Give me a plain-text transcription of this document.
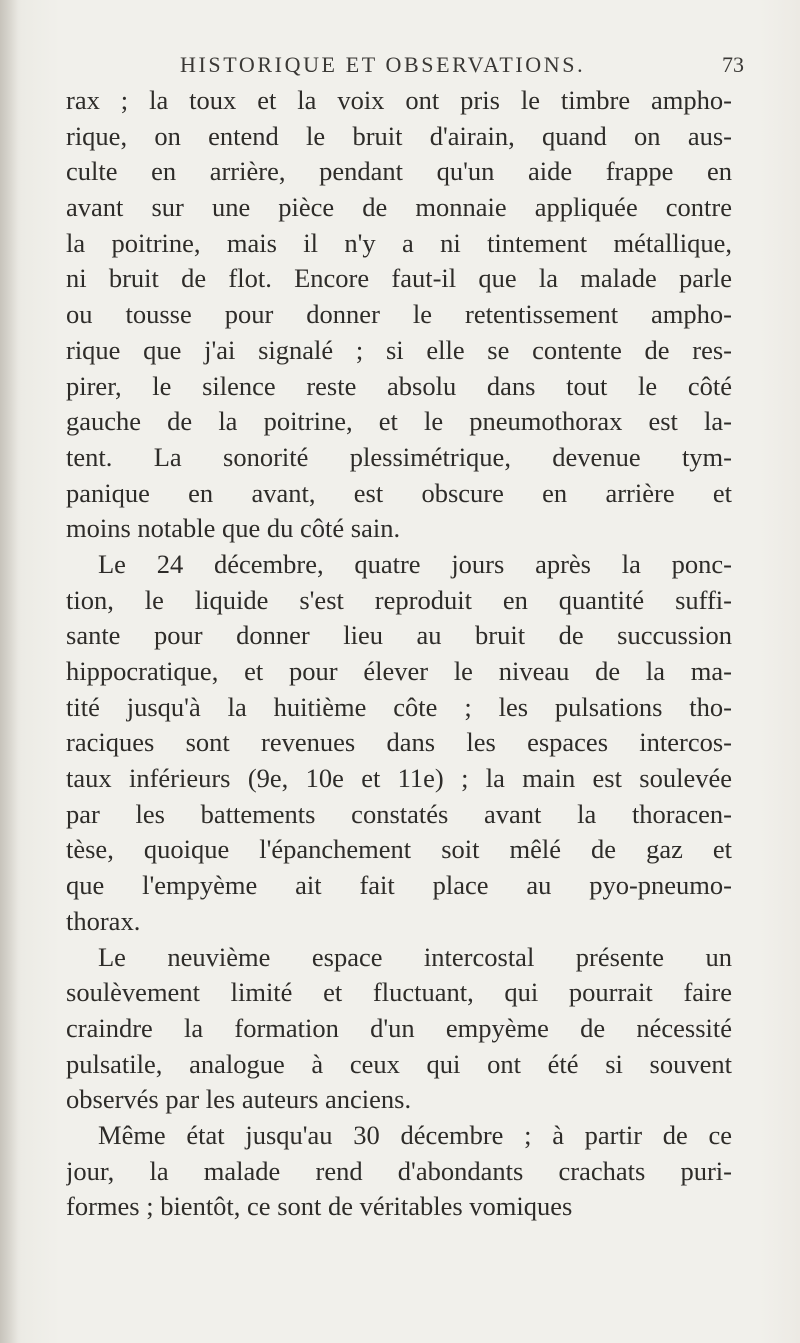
HISTORIQUE ET OBSERVATIONS.	73
rax ; la toux et la voix ont pris le timbre ampho-
rique, on entend le bruit d'airain, quand on aus-
culte en arrière, pendant qu'un aide frappe en
avant sur une pièce de monnaie appliquée contre
la poitrine, mais il n'y a ni tintement métallique,
ni bruit de flot. Encore faut-il que la malade parle
ou tousse pour donner le retentissement ampho-
rique que j'ai signalé ; si elle se contente de res-
pirer, le silence reste absolu dans tout le côté
gauche de la poitrine, et le pneumothorax est la-
tent. La sonorité plessimétrique, devenue tym-
panique en avant, est obscure en arrière et
moins notable que du côté sain.
Le 24 décembre, quatre jours après la ponc-
tion, le liquide s'est reproduit en quantité suffi-
sante pour donner lieu au bruit de succussion
hippocratique, et pour élever le niveau de la ma-
tité jusqu'à la huitième côte ; les pulsations tho-
raciques sont revenues dans les espaces intercos-
taux inférieurs (9e, 10e et 11e) ; la main est soulevée
par les battements constatés avant la thoracen-
tèse, quoique l'épanchement soit mêlé de gaz et
que l'empyème ait fait place au pyo-pneumo-
thorax.
Le neuvième espace intercostal présente un
soulèvement limité et fluctuant, qui pourrait faire
craindre la formation d'un empyème de nécessité
pulsatile, analogue à ceux qui ont été si souvent
observés par les auteurs anciens.
Même état jusqu'au 30 décembre ; à partir de ce
jour, la malade rend d'abondants crachats puri-
formes ; bientôt, ce sont de véritables vomiques
